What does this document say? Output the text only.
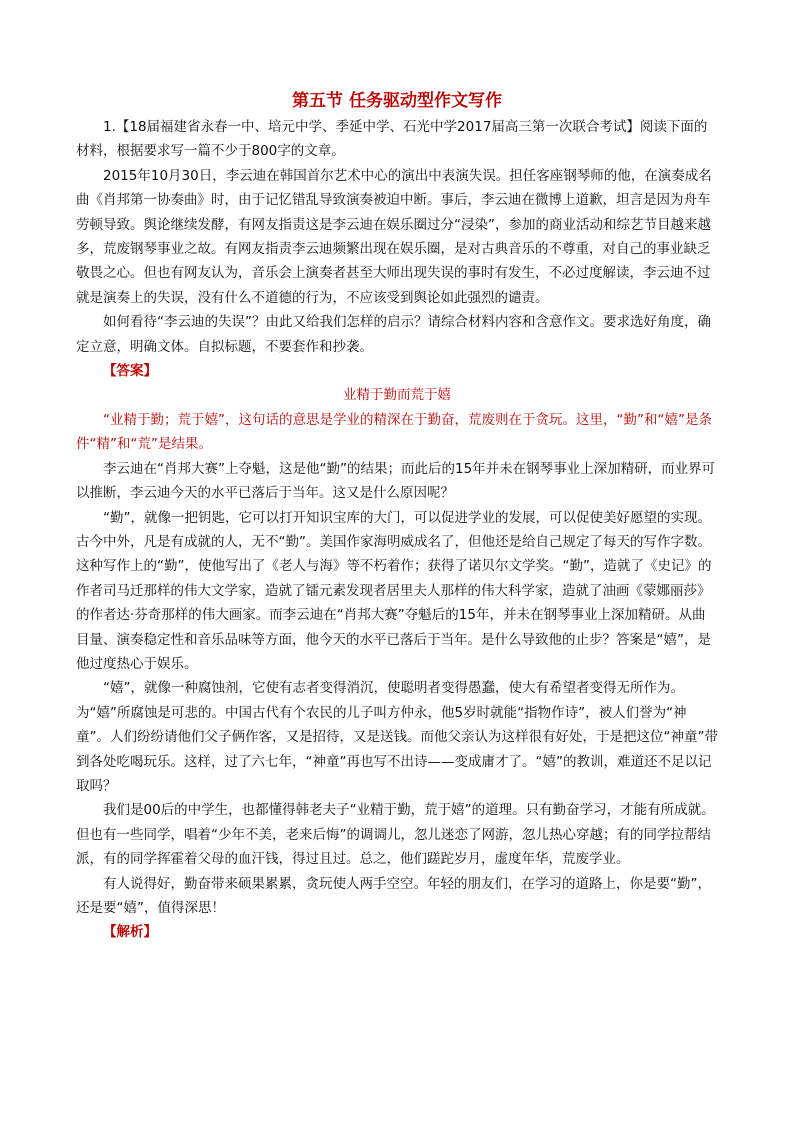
第五节 任务驱动型作文写作

1.【18届福建省永春一中、培元中学、季延中学、石光中学2017届高三第一次联合考试】阅读下面的材料，根据要求写一篇不少于800字的文章。

2015年10月30日，李云迪在韩国首尔艺术中心的演出中表演失误。担任客座钢琴师的他，在演奏成名曲《肖邦第一协奏曲》时，由于记忆错乱导致演奏被迫中断。事后，李云迪在微博上道歉，坦言是因为舟车劳顿导致。舆论继续发酵，有网友指责这是李云迪在娱乐圈过分“浸染”，参加的商业活动和综艺节目越来越多，荒废钢琴事业之故。有网友指责李云迪频繁出现在娱乐圈，是对古典音乐的不尊重，对自己的事业缺乏敬畏之心。但也有网友认为，音乐会上演奏者甚至大师出现失误的事时有发生，不必过度解读，李云迪不过就是演奏上的失误，没有什么不道德的行为，不应该受到舆论如此强烈的谴责。

如何看待“李云迪的失误”？由此又给我们怎样的启示？请综合材料内容和含意作文。要求选好角度，确定立意，明确文体。自拟标题，不要套作和抄袭。

【答案】

业精于勤而荒于嬉

“业精于勤；荒于嬉”，这句话的意思是学业的精深在于勤奋，荒废则在于贪玩。这里，“勤”和“嬉”是条件“精”和“荒”是结果。

李云迪在“肖邦大赛”上夺魁，这是他“勤”的结果；而此后的15年并未在钢琴事业上深加精研，而业界可以推断，李云迪今天的水平已落后于当年。这又是什么原因呢？

“勤”，就像一把钥匙，它可以打开知识宝库的大门，可以促进学业的发展，可以促使美好愿望的实现。古今中外，凡是有成就的人，无不“勤”。美国作家海明威成名了，但他还是给自己规定了每天的写作字数。这种写作上的“勤”，使他写出了《老人与海》等不朽着作；获得了诺贝尔文学奖。“勤”，造就了《史记》的作者司马迁那样的伟大文学家，造就了镭元素发现者居里夫人那样的伟大科学家，造就了油画《蒙娜丽莎》的作者达·芬奇那样的伟大画家。而李云迪在“肖邦大赛”夺魁后的15年，并未在钢琴事业上深加精研。从曲目量、演奏稳定性和音乐品味等方面，他今天的水平已落后于当年。是什么导致他的止步？答案是“嬉”，是他过度热心于娱乐。

“嬉”，就像一种腐蚀剂，它使有志者变得消沉，使聪明者变得愚蠢，使大有希望者变得无所作为。为“嬉”所腐蚀是可悲的。中国古代有个农民的儿子叫方仲永，他5岁时就能“指物作诗”，被人们誉为“神童”。人们纷纷请他们父子俩作客，又是招待，又是送钱。而他父亲认为这样很有好处，于是把这位“神童”带到各处吃喝玩乐。这样，过了六七年，“神童”再也写不出诗——变成庸才了。“嬉”的教训，难道还不足以记取吗？

我们是00后的中学生，也都懂得韩老夫子“业精于勤，荒于嬉”的道理。只有勤奋学习，才能有所成就。但也有一些同学，唱着“少年不美，老来后悔”的调调儿，忽儿迷恋了网游，忽儿热心穿越；有的同学拉帮结派，有的同学挥霍着父母的血汗钱，得过且过。总之，他们蹉跎岁月，虚度年华，荒废学业。

有人说得好，勤奋带来硕果累累，贪玩使人两手空空。年轻的朋友们，在学习的道路上，你是要“勤”，还是要“嬉”，值得深思！

【解析】
